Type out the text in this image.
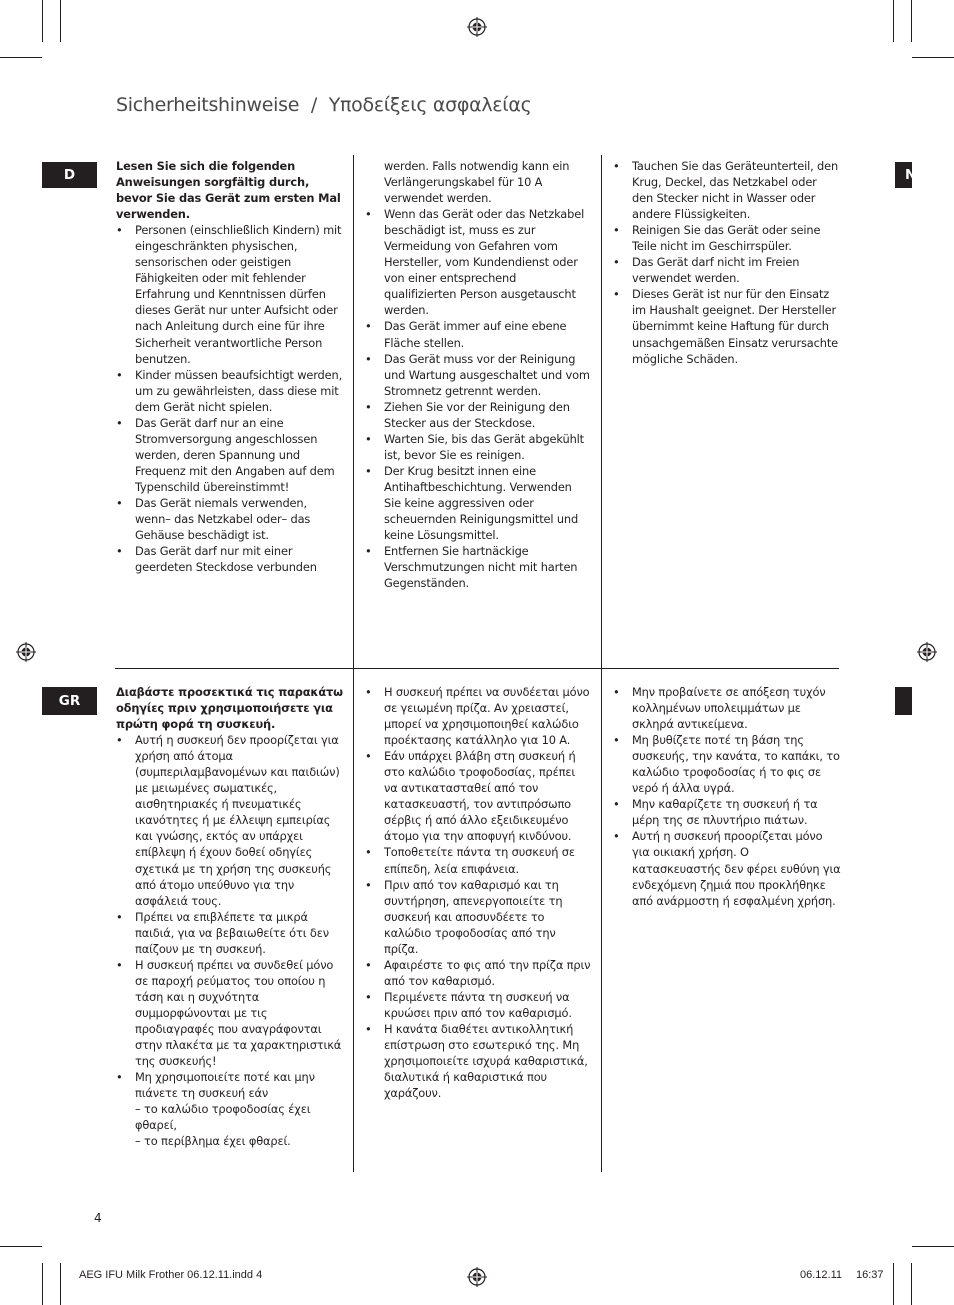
Sicherheitshinweise / Υποδείξεις ασφαλείας
D
GR
N

Lesen Sie sich die folgenden Anweisungen sorgfältig durch, bevor Sie das Gerät zum ersten Mal verwenden.

• Personen (einschließlich Kindern) mit eingeschränkten physischen, sensorischen oder geistigen Fähigkeiten oder mit fehlender Erfahrung und Kenntnissen dürfen dieses Gerät nur unter Aufsicht oder nach Anleitung durch eine für ihre Sicherheit verantwortliche Person benutzen.
• Kinder müssen beaufsichtigt werden, um zu gewährleisten, dass diese mit dem Gerät nicht spielen.
• Das Gerät darf nur an eine Stromversorgung angeschlossen werden, deren Spannung und Frequenz mit den Angaben auf dem Typenschild übereinstimmt!
• Das Gerät niemals verwenden, wenn– das Netzkabel oder– das Gehäuse beschädigt ist.
• Das Gerät darf nur mit einer geerdeten Steckdose verbunden
werden. Falls notwendig kann ein Verlängerungskabel für 10 A verwendet werden.
• Wenn das Gerät oder das Netzkabel beschädigt ist, muss es zur Vermeidung von Gefahren vom Hersteller, vom Kundendienst oder von einer entsprechend qualifizierten Person ausgetauscht werden.
• Das Gerät immer auf eine ebene Fläche stellen.
• Das Gerät muss vor der Reinigung und Wartung ausgeschaltet und vom Stromnetz getrennt werden.
• Ziehen Sie vor der Reinigung den Stecker aus der Steckdose.
• Warten Sie, bis das Gerät abgekühlt ist, bevor Sie es reinigen.
• Der Krug besitzt innen eine Antihaftbeschichtung. Verwenden Sie keine aggressiven oder scheuernden Reinigungsmittel und keine Lösungsmittel.
• Entfernen Sie hartnäckige Verschmutzungen nicht mit harten Gegenständen.
• Tauchen Sie das Geräteunterteil, den Krug, Deckel, das Netzkabel oder den Stecker nicht in Wasser oder andere Flüssigkeiten.
• Reinigen Sie das Gerät oder seine Teile nicht im Geschirrspüler.
• Das Gerät darf nicht im Freien verwendet werden.
• Dieses Gerät ist nur für den Einsatz im Haushalt geeignet. Der Hersteller übernimmt keine Haftung für durch unsachgemäßen Einsatz verursachte mögliche Schäden.

Διαβάστε προσεκτικά τις παρακάτω οδηγίες πριν χρησιμοποιήσετε για πρώτη φορά τη συσκευή.

• Αυτή η συσκευή δεν προορίζεται για χρήση από άτομα (συμπεριλαμβανομένων και παιδιών) με μειωμένες σωματικές, αισθητηριακές ή πνευματικές ικανότητες ή με έλλειψη εμπειρίας και γνώσης, εκτός αν υπάρχει επίβλεψη ή έχουν δοθεί οδηγίες σχετικά με τη χρήση της συσκευής από άτομο υπεύθυνο για την ασφάλειά τους.
• Πρέπει να επιβλέπετε τα μικρά παιδιά, για να βεβαιωθείτε ότι δεν παίζουν με τη συσκευή.
• Η συσκευή πρέπει να συνδεθεί μόνο σε παροχή ρεύματος του οποίου η τάση και η συχνότητα συμμορφώνονται με τις προδιαγραφές που αναγράφονται στην πλακέτα με τα χαρακτηριστικά της συσκευής!
• Μη χρησιμοποιείτε ποτέ και μην πιάνετε τη συσκευή εάν
– το καλώδιο τροφοδοσίας έχει φθαρεί,
– το περίβλημα έχει φθαρεί.
• Η συσκευή πρέπει να συνδέεται μόνο σε γειωμένη πρίζα. Αν χρειαστεί, μπορεί να χρησιμοποιηθεί καλώδιο προέκτασης κατάλληλο για 10 A.
• Εάν υπάρχει βλάβη στη συσκευή ή στο καλώδιο τροφοδοσίας, πρέπει να αντικατασταθεί από τον κατασκευαστή, τον αντιπρόσωπο σέρβις ή από άλλο εξειδικευμένο άτομο για την αποφυγή κινδύνου.
• Τοποθετείτε πάντα τη συσκευή σε επίπεδη, λεία επιφάνεια.
• Πριν από τον καθαρισμό και τη συντήρηση, απενεργοποιείτε τη συσκευή και αποσυνδέετε το καλώδιο τροφοδοσίας από την πρίζα.
• Αφαιρέστε το φις από την πρίζα πριν από τον καθαρισμό.
• Περιμένετε πάντα τη συσκευή να κρυώσει πριν από τον καθαρισμό.
• Η κανάτα διαθέτει αντικολλητική επίστρωση στο εσωτερικό της. Μη χρησιμοποιείτε ισχυρά καθαριστικά, διαλυτικά ή καθαριστικά που χαράζουν.
• Μην προβαίνετε σε απόξεση τυχόν κολλημένων υπολειμμάτων με σκληρά αντικείμενα.
• Μη βυθίζετε ποτέ τη βάση της συσκευής, την κανάτα, το καπάκι, το καλώδιο τροφοδοσίας ή το φις σε νερό ή άλλα υγρά.
• Μην καθαρίζετε τη συσκευή ή τα μέρη της σε πλυντήριο πιάτων.
• Αυτή η συσκευή προορίζεται μόνο για οικιακή χρήση. Ο κατασκευαστής δεν φέρει ευθύνη για ενδεχόμενη ζημιά που προκλήθηκε από ανάρμοστη ή εσφαλμένη χρήση.
4
AEG IFU Milk Frother 06.12.11.indd 4	06.12.11 16:37
